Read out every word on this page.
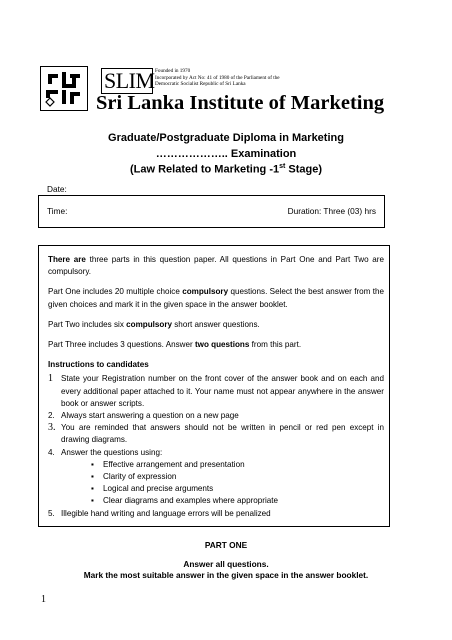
SLIM Founded in 1970
Incorporated by Act No: 41 of 1980 of the Parliament of the
Democratic Socialist Republic of Sri Lanka
Sri Lanka Institute of Marketing
Graduate/Postgraduate Diploma in Marketing
……………….. Examination
(Law Related to Marketing -1st Stage)
Date:
Time:	Duration: Three (03) hrs

There are three parts in this question paper. All questions in Part One and Part Two are compulsory.

Part One includes 20 multiple choice compulsory questions. Select the best answer from the given choices and mark it in the given space in the answer booklet.

Part Two includes six compulsory short answer questions.

Part Three includes 3 questions. Answer two questions from this part.

Instructions to candidates
1 State your Registration number on the front cover of the answer book and on each and every additional paper attached to it. Your name must not appear anywhere in the answer book or answer scripts.
2. Always start answering a question on a new page
3. You are reminded that answers should not be written in pencil or red pen except in drawing diagrams.
4. Answer the questions using:
▪ Effective arrangement and presentation
▪ Clarity of expression
▪ Logical and precise arguments
▪ Clear diagrams and examples where appropriate
5. Illegible hand writing and language errors will be penalized
PART ONE
Answer all questions.
Mark the most suitable answer in the given space in the answer booklet.
1
